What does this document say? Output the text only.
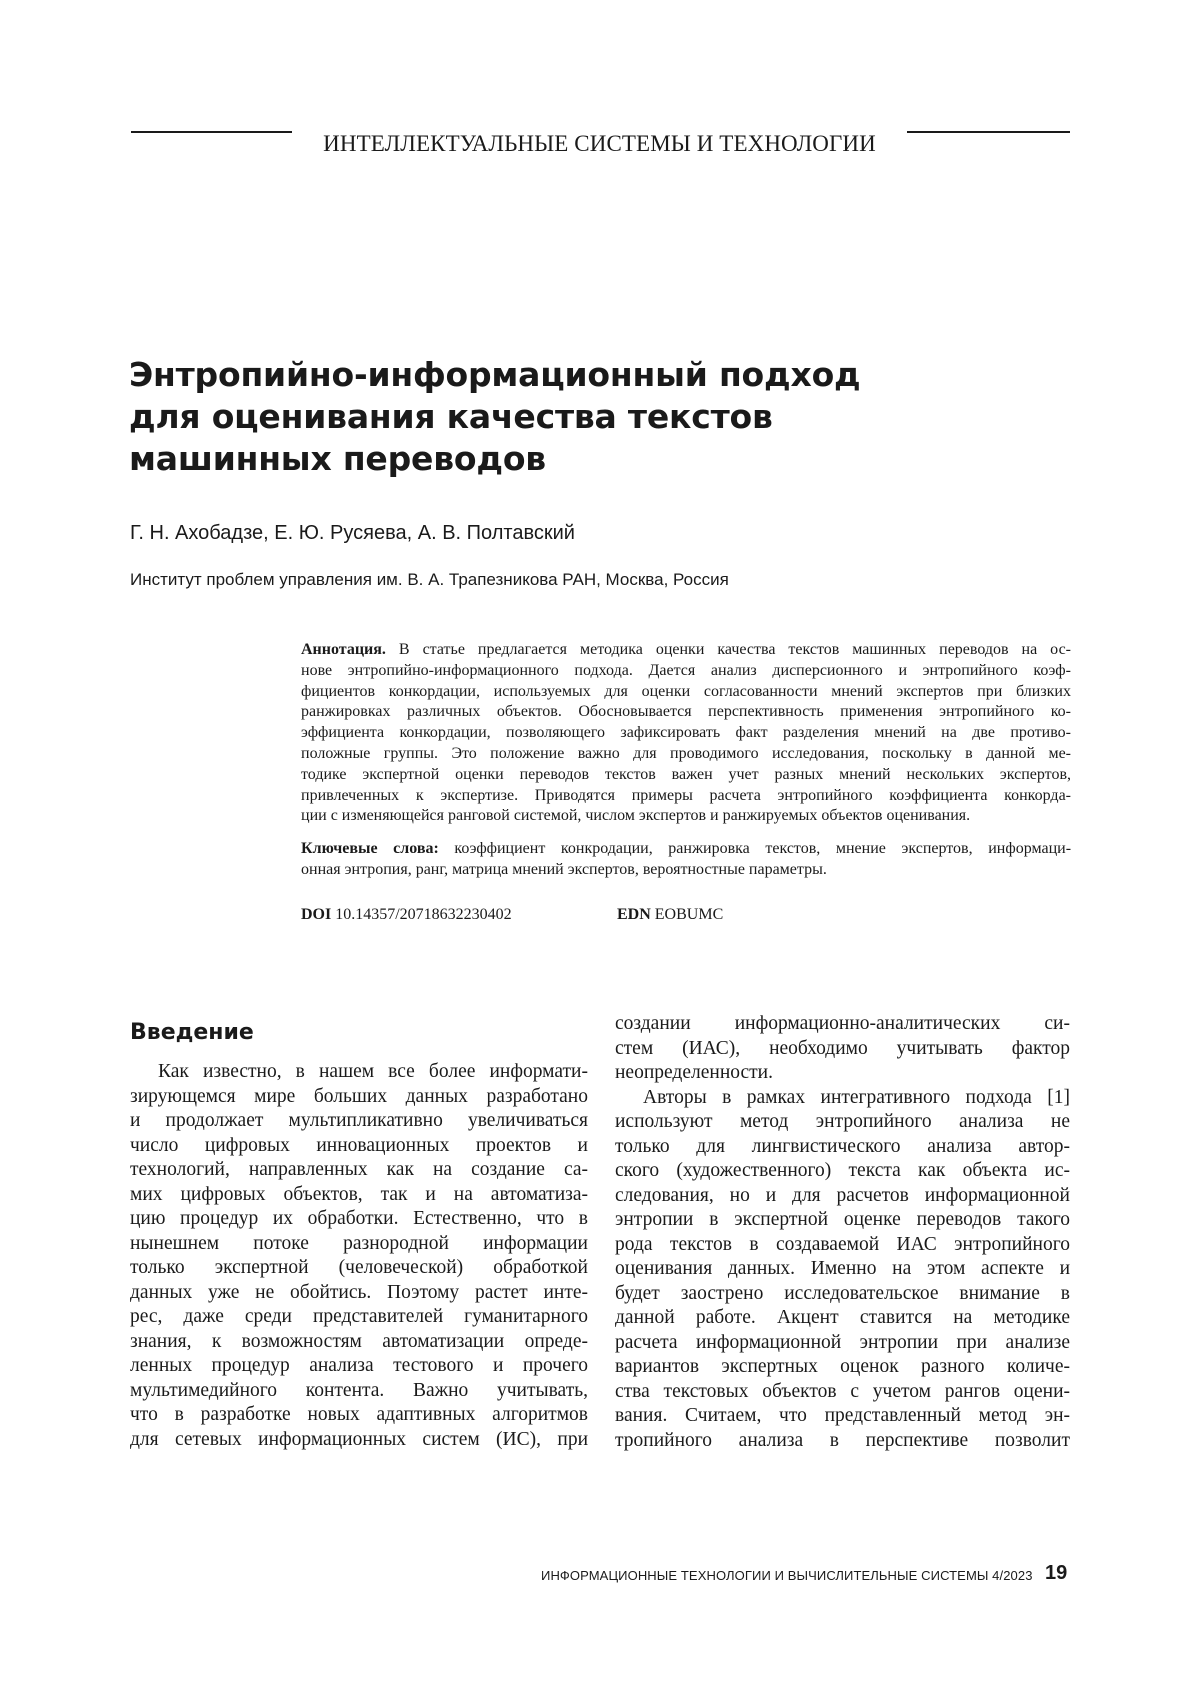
ИНТЕЛЛЕКТУАЛЬНЫЕ СИСТЕМЫ И ТЕХНОЛОГИИ
Энтропийно-информационный подход
для оценивания качества текстов
машинных переводов
Г. Н. Ахобадзе, Е. Ю. Русяева, А. В. Полтавский
Институт проблем управления им. В. А. Трапезникова РАН, Москва, Россия
Аннотация. В статье предлагается методика оценки качества текстов машинных переводов на ос-
нове энтропийно-информационного подхода. Дается анализ дисперсионного и энтропийного коэф-
фициентов конкордации, используемых для оценки согласованности мнений экспертов при близких
ранжировках различных объектов. Обосновывается перспективность применения энтропийного ко-
эффициента конкордации, позволяющего зафиксировать факт разделения мнений на две противо-
положные группы. Это положение важно для проводимого исследования, поскольку в данной ме-
тодике экспертной оценки переводов текстов важен учет разных мнений нескольких экспертов,
привлеченных к экспертизе. Приводятся примеры расчета энтропийного коэффициента конкорда-
ции с изменяющейся ранговой системой, числом экспертов и ранжируемых объектов оценивания.
Ключевые слова: коэффициент конкродации, ранжировка текстов, мнение экспертов, информаци-
онная энтропия, ранг, матрица мнений экспертов, вероятностные параметры.
DOI 10.14357/20718632230402	EDN EOBUMC
Введение
Как известно, в нашем все более информати-
зирующемся мире больших данных разработано
и продолжает мультипликативно увеличиваться
число цифровых инновационных проектов и
технологий, направленных как на создание са-
мих цифровых объектов, так и на автоматиза-
цию процедур их обработки. Естественно, что в
нынешнем потоке разнородной информации
только экспертной (человеческой) обработкой
данных уже не обойтись. Поэтому растет инте-
рес, даже среди представителей гуманитарного
знания, к возможностям автоматизации опреде-
ленных процедур анализа тестового и прочего
мультимедийного контента. Важно учитывать,
что в разработке новых адаптивных алгоритмов
для сетевых информационных систем (ИС), при
создании информационно-аналитических си-
стем (ИАС), необходимо учитывать фактор
неопределенности.
Авторы в рамках интегративного подхода [1]
используют метод энтропийного анализа не
только для лингвистического анализа автор-
ского (художественного) текста как объекта ис-
следования, но и для расчетов информационной
энтропии в экспертной оценке переводов такого
рода текстов в создаваемой ИАС энтропийного
оценивания данных. Именно на этом аспекте и
будет заострено исследовательское внимание в
данной работе. Акцент ставится на методике
расчета информационной энтропии при анализе
вариантов экспертных оценок разного количе-
ства текстовых объектов с учетом рангов оцени-
вания. Считаем, что представленный метод эн-
тропийного анализа в перспективе позволит
ИНФОРМАЦИОННЫЕ ТЕХНОЛОГИИ И ВЫЧИСЛИТЕЛЬНЫЕ СИСТЕМЫ 4/2023 19
